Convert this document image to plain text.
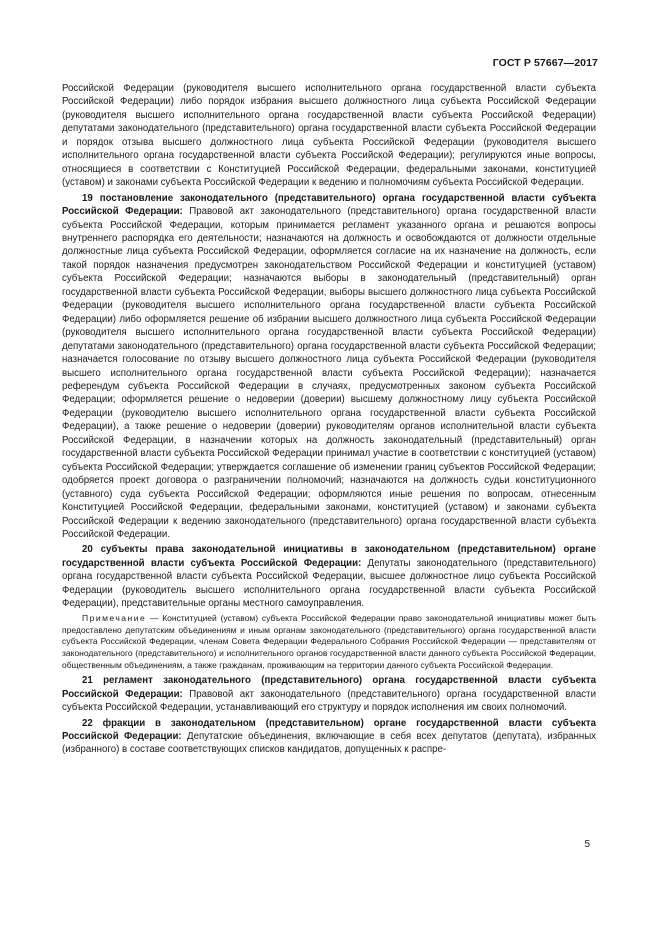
ГОСТ Р 57667—2017

Российской Федерации (руководителя высшего исполнительного органа государственной власти субъекта Российской Федерации) либо порядок избрания высшего должностного лица субъекта Российской Федерации (руководителя высшего исполнительного органа государственной власти субъекта Российской Федерации) депутатами законодательного (представительного) органа государственной власти субъекта Российской Федерации и порядок отзыва высшего должностного лица субъекта Российской Федерации (руководителя высшего исполнительного органа государственной власти субъекта Российской Федерации); регулируются иные вопросы, относящиеся в соответствии с Конституцией Российской Федерации, федеральными законами, конституцией (уставом) и законами субъекта Российской Федерации к ведению и полномочиям субъекта Российской Федерации.

19 постановление законодательного (представительного) органа государственной власти субъекта Российской Федерации: Правовой акт законодательного (представительного) органа государственной власти субъекта Российской Федерации, которым принимается регламент указанного органа и решаются вопросы внутреннего распорядка его деятельности; назначаются на должность и освобождаются от должности отдельные должностные лица субъекта Российской Федерации, оформляется согласие на их назначение на должность, если такой порядок назначения предусмотрен законодательством Российской Федерации и конституцией (уставом) субъекта Российской Федерации; назначаются выборы в законодательный (представительный) орган государственной власти субъекта Российской Федерации, выборы высшего должностного лица субъекта Российской Федерации (руководителя высшего исполнительного органа государственной власти субъекта Российской Федерации) либо оформляется решение об избрании высшего должностного лица субъекта Российской Федерации (руководителя высшего исполнительного органа государственной власти субъекта Российской Федерации) депутатами законодательного (представительного) органа государственной власти субъекта Российской Федерации; назначается голосование по отзыву высшего должностного лица субъекта Российской Федерации (руководителя высшего исполнительного органа государственной власти субъекта Российской Федерации); назначается референдум субъекта Российской Федерации в случаях, предусмотренных законом субъекта Российской Федерации; оформляется решение о недоверии (доверии) высшему должностному лицу субъекта Российской Федерации (руководителю высшего исполнительного органа государственной власти субъекта Российской Федерации), а также решение о недоверии (доверии) руководителям органов исполнительной власти субъекта Российской Федерации, в назначении которых на должность законодательный (представительный) орган государственной власти субъекта Российской Федерации принимал участие в соответствии с конституцией (уставом) субъекта Российской Федерации; утверждается соглашение об изменении границ субъектов Российской Федерации; одобряется проект договора о разграничении полномочий; назначаются на должность судьи конституционного (уставного) суда субъекта Российской Федерации; оформляются иные решения по вопросам, отнесенным Конституцией Российской Федерации, федеральными законами, конституцией (уставом) и законами субъекта Российской Федерации к ведению законодательного (представительного) органа государственной власти субъекта Российской Федерации.

20 субъекты права законодательной инициативы в законодательном (представительном) органе государственной власти субъекта Российской Федерации: Депутаты законодательного (представительного) органа государственной власти субъекта Российской Федерации, высшее должностное лицо субъекта Российской Федерации (руководитель высшего исполнительного органа государственной власти субъекта Российской Федерации), представительные органы местного самоуправления.

Примечание — Конституцией (уставом) субъекта Российской Федерации право законодательной инициативы может быть предоставлено депутатским объединениям и иным органам законодательного (представительного) органа государственной власти субъекта Российской Федерации, членам Совета Федерации Федерального Собрания Российской Федерации — представителям от законодательного (представительного) и исполнительного органов государственной власти данного субъекта Российской Федерации, общественным объединениям, а также гражданам, проживающим на территории данного субъекта Российской Федерации.

21 регламент законодательного (представительного) органа государственной власти субъекта Российской Федерации: Правовой акт законодательного (представительного) органа государственной власти субъекта Российской Федерации, устанавливающий его структуру и порядок исполнения им своих полномочий.

22 фракции в законодательном (представительном) органе государственной власти субъекта Российской Федерации: Депутатские объединения, включающие в себя всех депутатов (депутата), избранных (избранного) в составе соответствующих списков кандидатов, допущенных к распре-

5
